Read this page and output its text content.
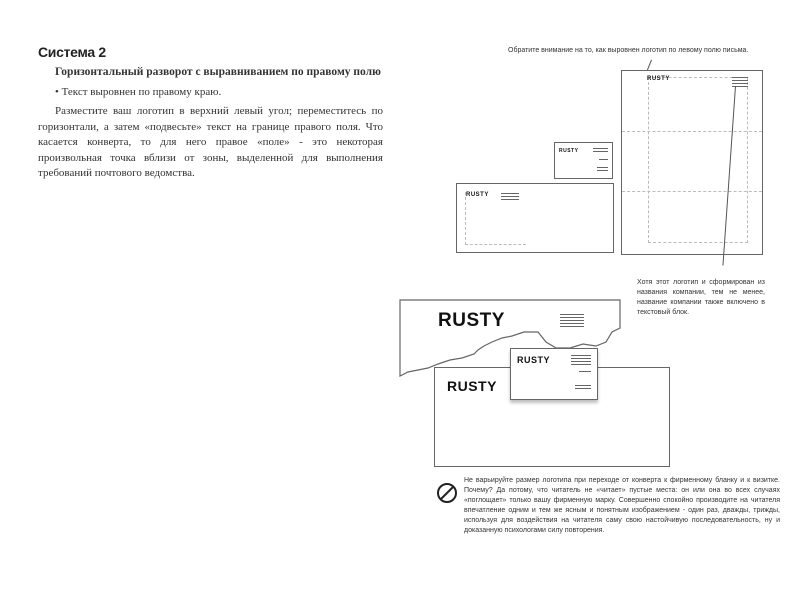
Система 2
Горизонтальный разворот с выравниванием по правому полю
• Текст выровнен по правому краю.
Разместите ваш логотип в верхний левый угол; переместитесь по горизонтали, а затем «подвесьте» текст на границе правого поля. Что касается конверта, то для него правое «поле» - это некоторая произвольная точка вблизи от зоны, выделенной для выполнения требований почтового ведомства.
Обратите внимание на то, как выровнен логотип по левому полю письма.
RUSTY
RUSTY
RUSTY
Хотя этот логотип и сформирован из названия компании, тем не менее, название компании также включено в текстовый блок.
RUSTY
RUSTY
RUSTY
Не варьируйте размер логотипа при переходе от конверта к фирменному бланку и к визитке. Почему? Да потому, что читатель не «читает» пустые места: он или она во всех случаях «поглощает» только вашу фирменную марку. Совершенно спокойно производите на читателя впечатление одним и тем же ясным и понятным изображением - один раз, дважды, трижды, используя для воздействия на читателя саму свою настойчивую последовательность, ну и доказанную психологами силу повторения.
